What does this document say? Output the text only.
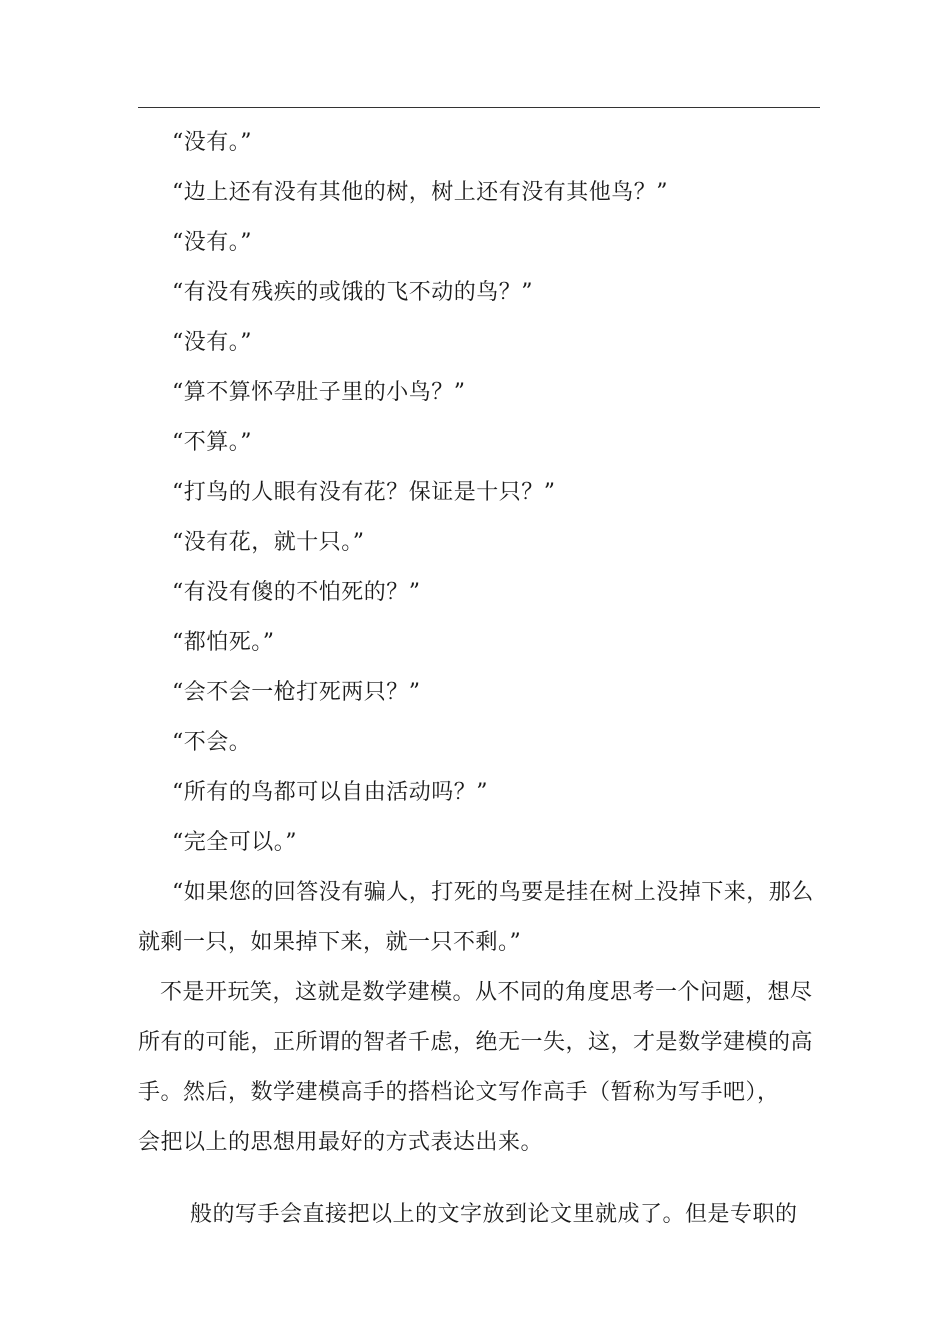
“没有。”
“边上还有没有其他的树，树上还有没有其他鸟？”
“没有。”
“有没有残疾的或饿的飞不动的鸟？”
“没有。”
“算不算怀孕肚子里的小鸟？”
“不算。”
“打鸟的人眼有没有花？保证是十只？”
“没有花，就十只。”
“有没有傻的不怕死的？”
“都怕死。”
“会不会一枪打死两只？”
“不会。
“所有的鸟都可以自由活动吗？”
“完全可以。”
“如果您的回答没有骗人，打死的鸟要是挂在树上没掉下来，那么
就剩一只，如果掉下来，就一只不剩。”
不是开玩笑，这就是数学建模。从不同的角度思考一个问题，想尽
所有的可能，正所谓的智者千虑，绝无一失，这，才是数学建模的高
手。然后，数学建模高手的搭档论文写作高手（暂称为写手吧），
会把以上的思想用最好的方式表达出来。
般的写手会直接把以上的文字放到论文里就成了。但是专职的
